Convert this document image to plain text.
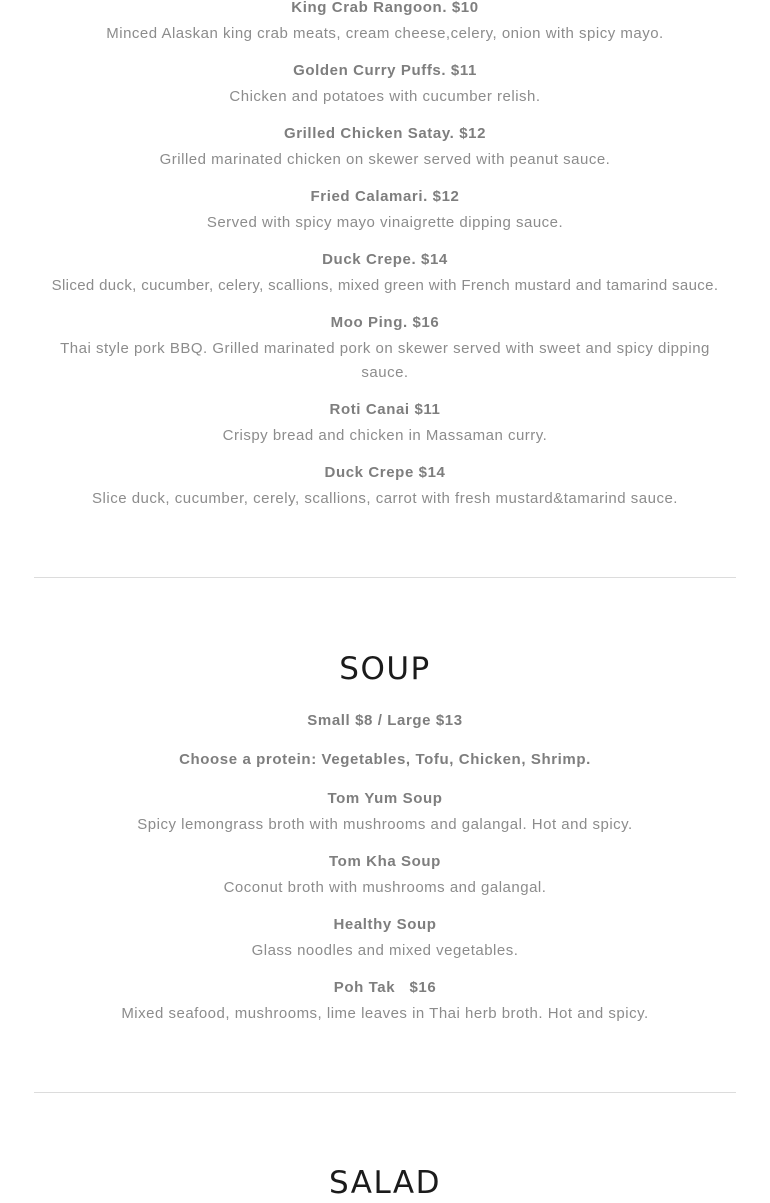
King Crab Rangoon. $10
Minced Alaskan king crab meats, cream cheese,celery, onion with spicy mayo.
Golden Curry Puffs. $11
Chicken and potatoes with cucumber relish.
Grilled Chicken Satay. $12
Grilled marinated chicken on skewer served with peanut sauce.
Fried Calamari. $12
Served with spicy mayo vinaigrette dipping sauce.
Duck Crepe. $14
Sliced duck, cucumber, celery, scallions, mixed green with French mustard and tamarind sauce.
Moo Ping. $16
Thai style pork BBQ. Grilled marinated pork on skewer served with sweet and spicy dipping sauce.
Roti Canai $11
Crispy bread and chicken in Massaman curry.
Duck Crepe $14
Slice duck, cucumber, cerely, scallions, carrot with fresh mustard&tamarind sauce.
SOUP
Small $8 / Large $13
Choose a protein: Vegetables, Tofu, Chicken, Shrimp.
Tom Yum Soup
Spicy lemongrass broth with mushrooms and galangal. Hot and spicy.
Tom Kha Soup
Coconut broth with mushrooms and galangal.
Healthy Soup
Glass noodles and mixed vegetables.
Poh Tak   $16
Mixed seafood, mushrooms, lime leaves in Thai herb broth. Hot and spicy.
SALAD
